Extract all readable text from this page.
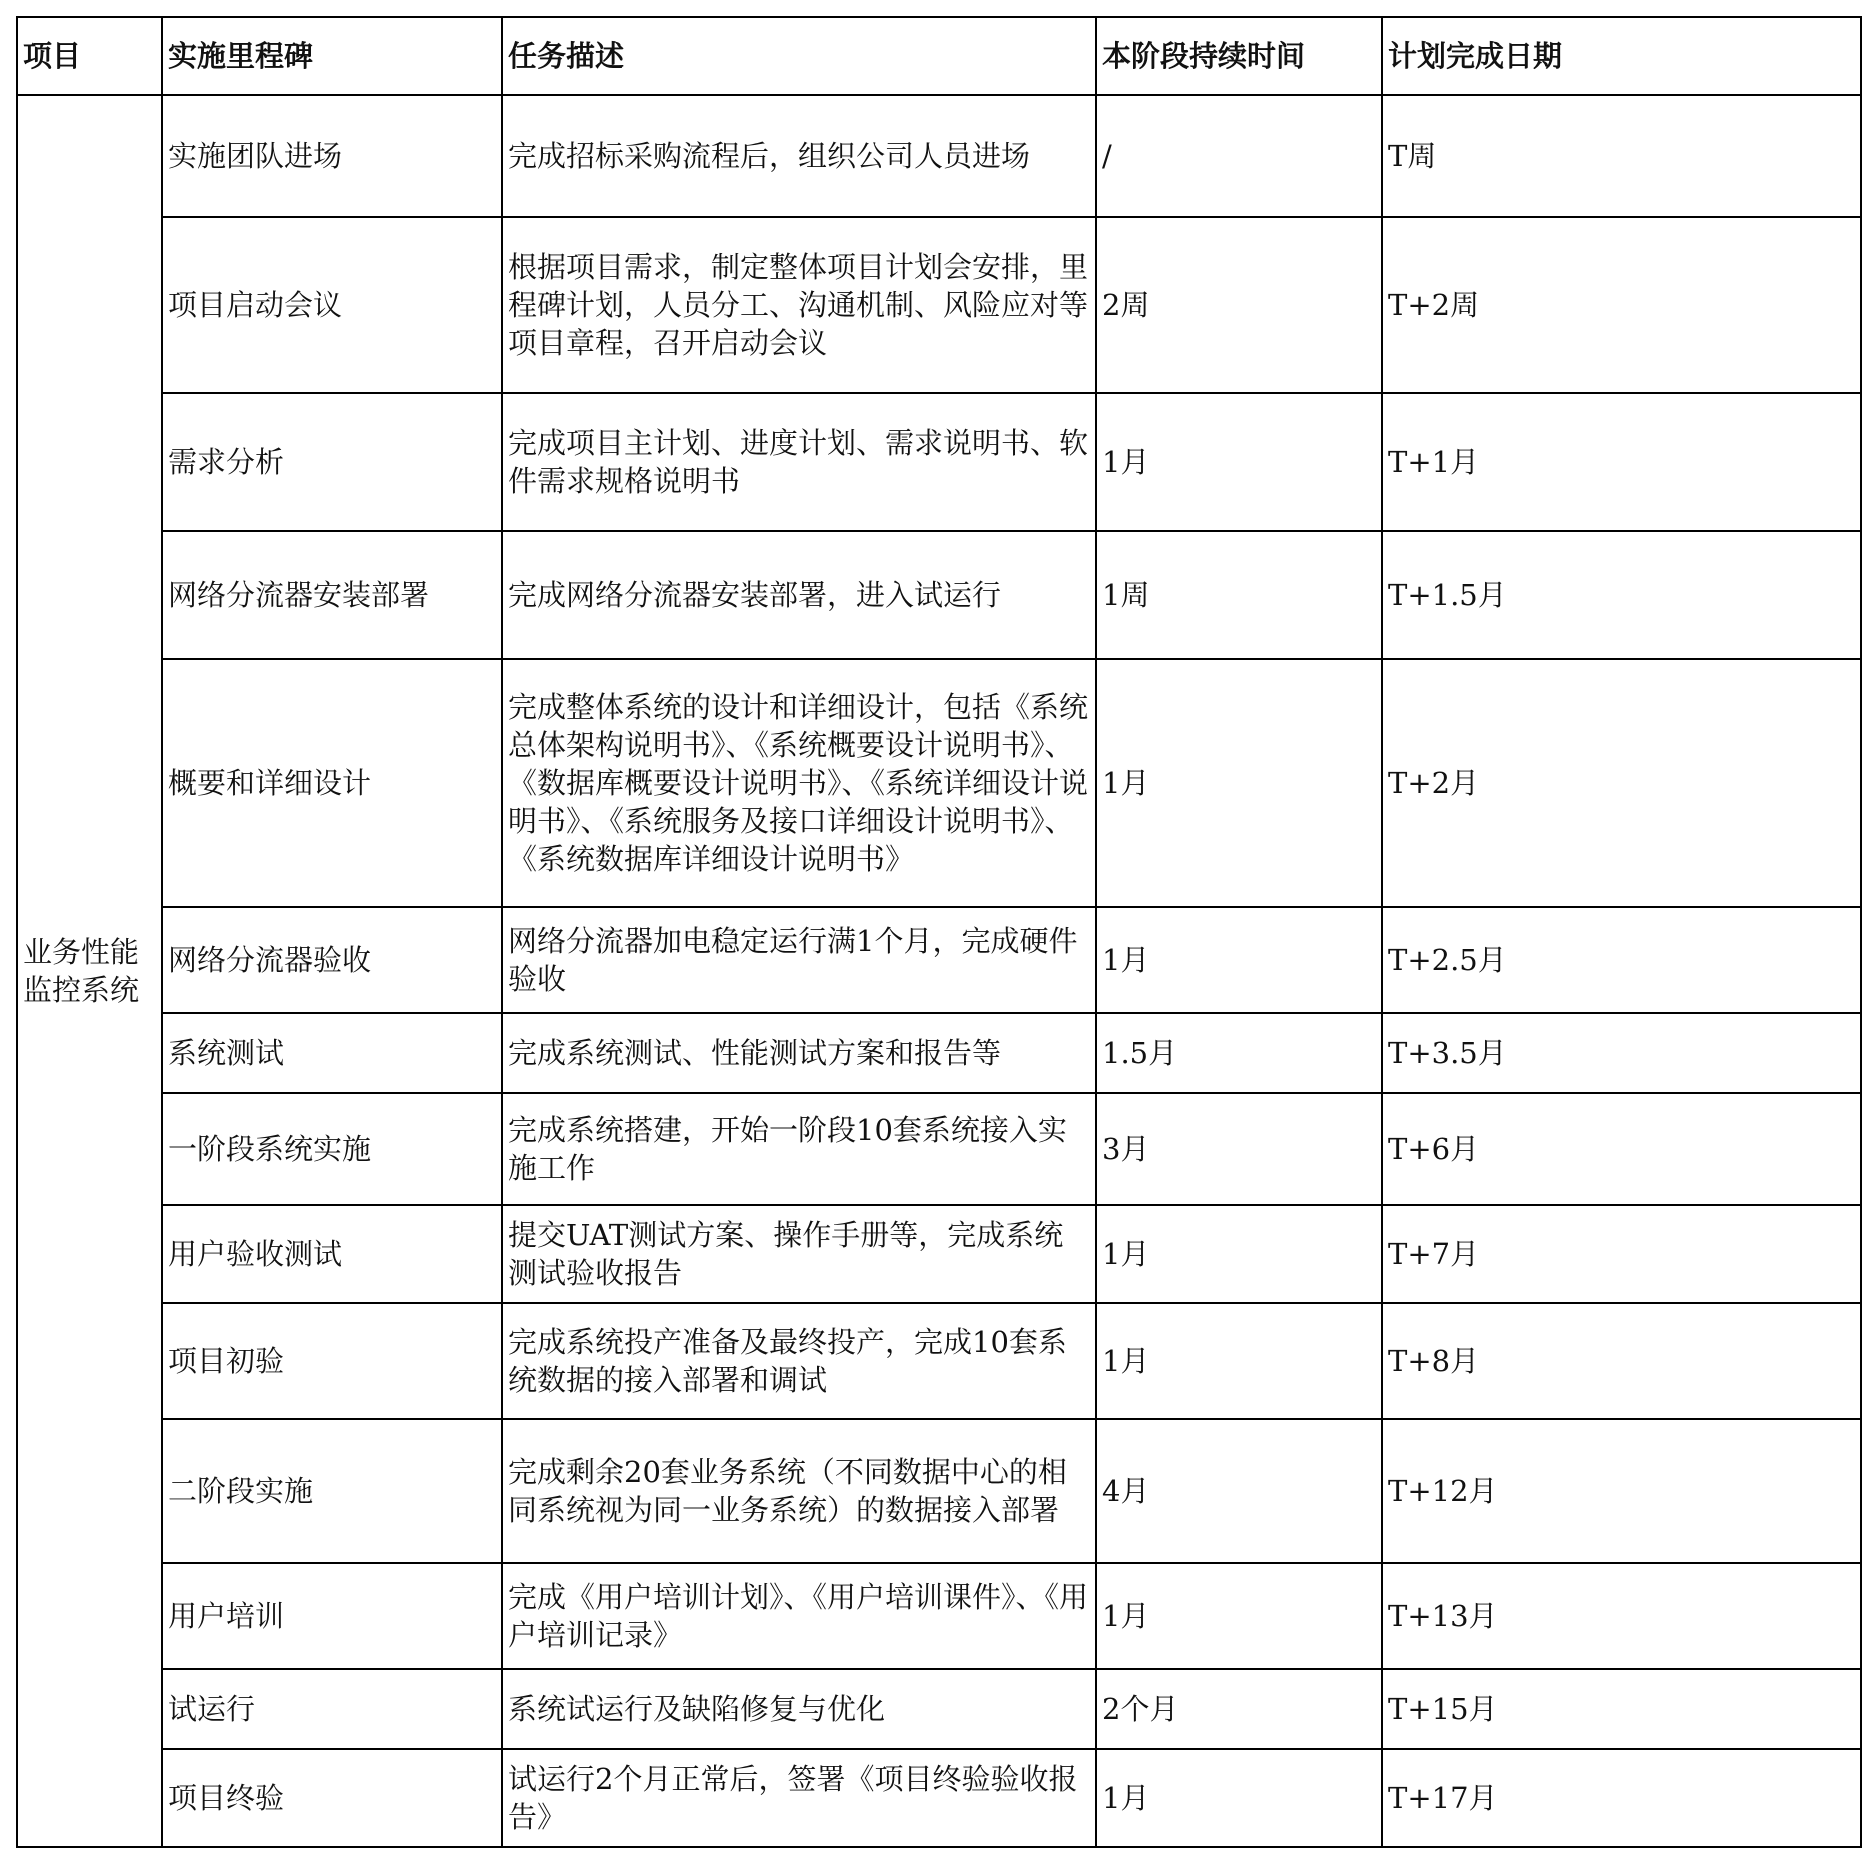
项目	实施里程碑	任务描述	本阶段持续时间	计划完成日期
业务性能监控系统	实施团队进场	完成招标采购流程后，组织公司人员进场	/	T周
	项目启动会议	根据项目需求，制定整体项目计划会安排，里程碑计划，人员分工、沟通机制、风险应对等项目章程，召开启动会议	2周	T+2周
	需求分析	完成项目主计划、进度计划、需求说明书、软件需求规格说明书	1月	T+1月
	网络分流器安装部署	完成网络分流器安装部署，进入试运行	1周	T+1.5月
	概要和详细设计	完成整体系统的设计和详细设计，包括《系统总体架构说明书》、《系统概要设计说明书》、《数据库概要设计说明书》、《系统详细设计说明书》、《系统服务及接口详细设计说明书》、《系统数据库详细设计说明书》	1月	T+2月
	网络分流器验收	网络分流器加电稳定运行满1个月，完成硬件验收	1月	T+2.5月
	系统测试	完成系统测试、性能测试方案和报告等	1.5月	T+3.5月
	一阶段系统实施	完成系统搭建，开始一阶段10套系统接入实施工作	3月	T+6月
	用户验收测试	提交UAT测试方案、操作手册等，完成系统测试验收报告	1月	T+7月
	项目初验	完成系统投产准备及最终投产，完成10套系统数据的接入部署和调试	1月	T+8月
	二阶段实施	完成剩余20套业务系统（不同数据中心的相同系统视为同一业务系统）的数据接入部署	4月	T+12月
	用户培训	完成《用户培训计划》、《用户培训课件》、《用户培训记录》	1月	T+13月
	试运行	系统试运行及缺陷修复与优化	2个月	T+15月
	项目终验	试运行2个月正常后，签署《项目终验验收报告》	1月	T+17月
